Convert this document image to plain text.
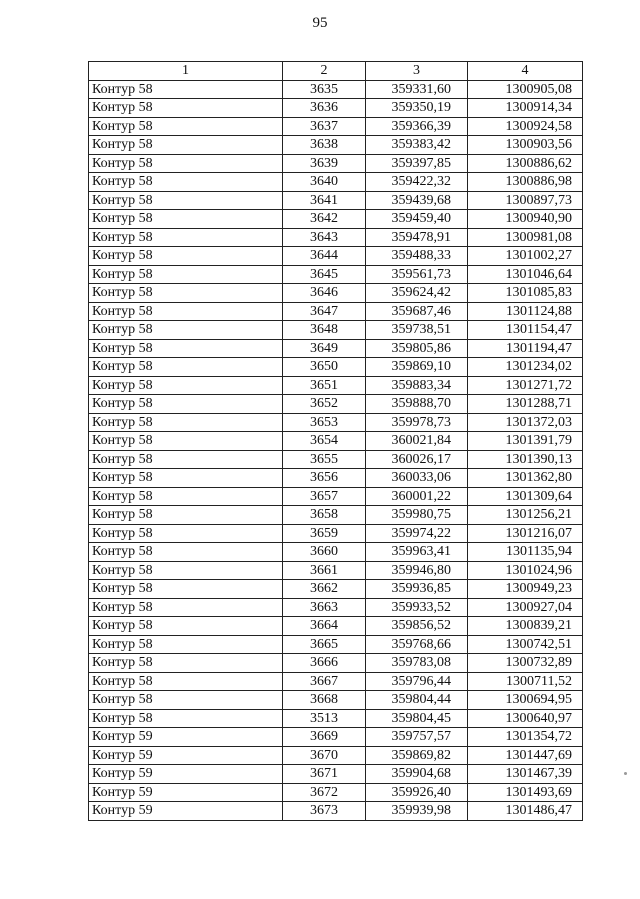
95
1	2	3	4
Контур 58	3635	359331,60	1300905,08
Контур 58	3636	359350,19	1300914,34
Контур 58	3637	359366,39	1300924,58
Контур 58	3638	359383,42	1300903,56
Контур 58	3639	359397,85	1300886,62
Контур 58	3640	359422,32	1300886,98
Контур 58	3641	359439,68	1300897,73
Контур 58	3642	359459,40	1300940,90
Контур 58	3643	359478,91	1300981,08
Контур 58	3644	359488,33	1301002,27
Контур 58	3645	359561,73	1301046,64
Контур 58	3646	359624,42	1301085,83
Контур 58	3647	359687,46	1301124,88
Контур 58	3648	359738,51	1301154,47
Контур 58	3649	359805,86	1301194,47
Контур 58	3650	359869,10	1301234,02
Контур 58	3651	359883,34	1301271,72
Контур 58	3652	359888,70	1301288,71
Контур 58	3653	359978,73	1301372,03
Контур 58	3654	360021,84	1301391,79
Контур 58	3655	360026,17	1301390,13
Контур 58	3656	360033,06	1301362,80
Контур 58	3657	360001,22	1301309,64
Контур 58	3658	359980,75	1301256,21
Контур 58	3659	359974,22	1301216,07
Контур 58	3660	359963,41	1301135,94
Контур 58	3661	359946,80	1301024,96
Контур 58	3662	359936,85	1300949,23
Контур 58	3663	359933,52	1300927,04
Контур 58	3664	359856,52	1300839,21
Контур 58	3665	359768,66	1300742,51
Контур 58	3666	359783,08	1300732,89
Контур 58	3667	359796,44	1300711,52
Контур 58	3668	359804,44	1300694,95
Контур 58	3513	359804,45	1300640,97
Контур 59	3669	359757,57	1301354,72
Контур 59	3670	359869,82	1301447,69
Контур 59	3671	359904,68	1301467,39
Контур 59	3672	359926,40	1301493,69
Контур 59	3673	359939,98	1301486,47
